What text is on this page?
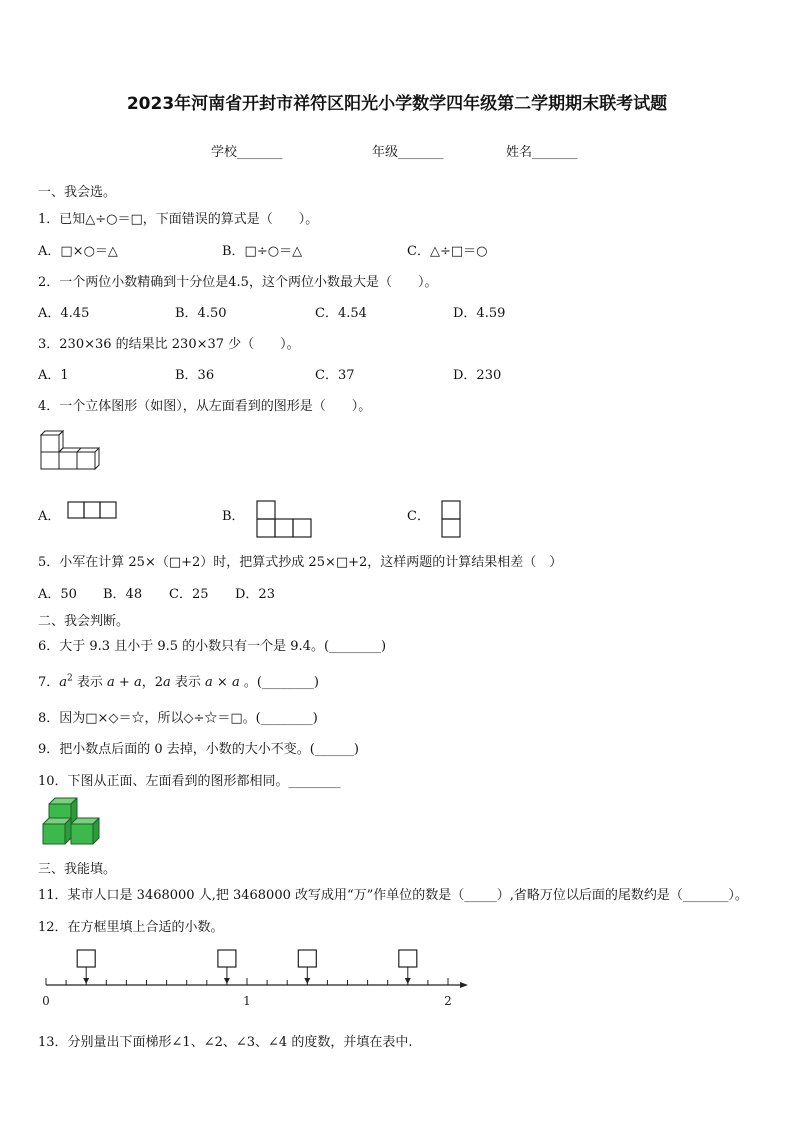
2023年河南省开封市祥符区阳光小学数学四年级第二学期期末联考试题
学校_______	年级_______	姓名_______
一、我会选。
1．已知△÷○＝□，下面错误的算式是（　　）。
A．□×○＝△	B．□÷○＝△	C．△÷□＝○
2．一个两位小数精确到十分位是4.5，这个两位小数最大是（　　）。
A．4.45	B．4.50	C．4.54	D．4.59
3．230×36 的结果比 230×37 少（　　）。
A．1	B．36	C．37	D．230
4．一个立体图形（如图），从左面看到的图形是（　　）。
A．	B．	C．
5．小军在计算 25×（□+2）时，把算式抄成 25×□+2，这样两题的计算结果相差（　）
A．50 B．48 C．25 D．23
二、我会判断。
6．大于 9.3 且小于 9.5 的小数只有一个是 9.4。(________)
7．$a^2$ 表示 a + a，2a 表示 a × a 。(________)
8．因为□×◇＝☆，所以◇÷☆＝□。(________)
9．把小数点后面的 0 去掉，小数的大小不变。(______)
10．下图从正面、左面看到的图形都相同。________
三、我能填。
11．某市人口是 3468000 人,把 3468000 改写成用“万”作单位的数是（_____）,省略万位以后面的尾数约是（_______）。
12．在方框里填上合适的小数。
0	1	2
13．分别量出下面梯形∠1、∠2、∠3、∠4 的度数，并填在表中.
